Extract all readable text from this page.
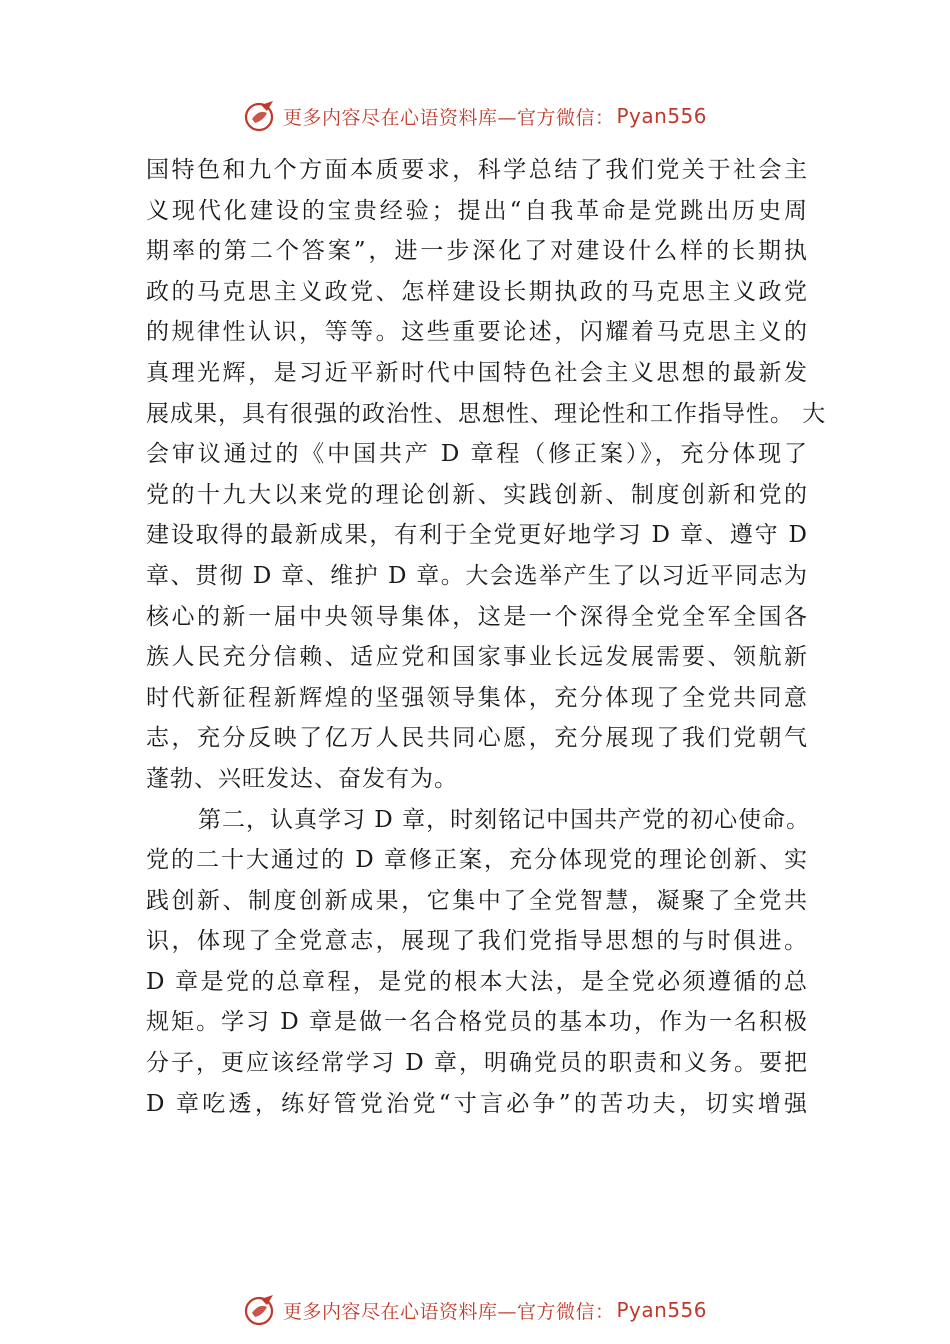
更多内容尽在心语资料库—官方微信： Pyan556
国特色和九个方面本质要求，科学总结了我们党关于社会主
义现代化建设的宝贵经验；提出“自我革命是党跳出历史周
期率的第二个答案”，进一步深化了对建设什么样的长期执
政的马克思主义政党、怎样建设长期执政的马克思主义政党
的规律性认识，等等。这些重要论述，闪耀着马克思主义的
真理光辉，是习近平新时代中国特色社会主义思想的最新发
展成果，具有很强的政治性、思想性、理论性和工作指导性。 大
会审议通过的《中国共产 D 章程（修正案）》，充分体现了
党的十九大以来党的理论创新、实践创新、制度创新和党的
建设取得的最新成果，有利于全党更好地学习 D 章、遵守 D
章、贯彻 D 章、维护 D 章。大会选举产生了以习近平同志为
核心的新一届中央领导集体，这是一个深得全党全军全国各
族人民充分信赖、适应党和国家事业长远发展需要、领航新
时代新征程新辉煌的坚强领导集体，充分体现了全党共同意
志，充分反映了亿万人民共同心愿，充分展现了我们党朝气
蓬勃、兴旺发达、奋发有为。
第二，认真学习 D 章，时刻铭记中国共产党的初心使命。
党的二十大通过的 D 章修正案，充分体现党的理论创新、实
践创新、制度创新成果，它集中了全党智慧，凝聚了全党共
识，体现了全党意志，展现了我们党指导思想的与时俱进。
D 章是党的总章程，是党的根本大法，是全党必须遵循的总
规矩。学习 D 章是做一名合格党员的基本功，作为一名积极
分子，更应该经常学习 D 章，明确党员的职责和义务。要把
D 章吃透，练好管党治党“寸言必争”的苦功夫，切实增强
更多内容尽在心语资料库—官方微信： Pyan556
